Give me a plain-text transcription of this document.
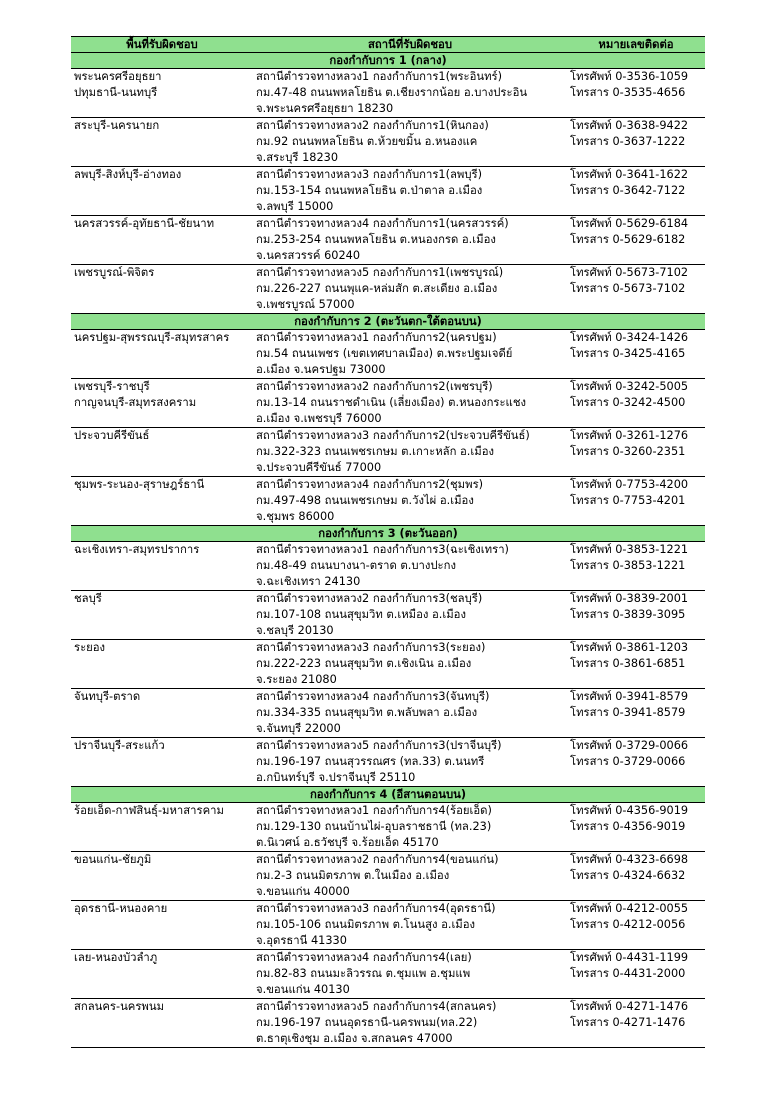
พื้นที่รับผิดชอบ	สถานีที่รับผิดชอบ	หมายเลขติดต่อ
กองกำกับการ 1 (กลาง)		

พระนครศรีอยุธยา
ปทุมธานี-นนทบุรี	สถานีตำรวจทางหลวง1 กองกำกับการ1(พระอินทร์)
กม.47-48 ถนนพหลโยธิน ต.เชียงรากน้อย อ.บางประอิน
จ.พระนครศรีอยุธยา 18230	โทรศัพท์ 0-3536-1059
โทรสาร 0-3535-4656

สระบุรี-นครนายก	สถานีตำรวจทางหลวง2 กองกำกับการ1(หินกอง)
กม.92 ถนนพหลโยธิน ต.ห้วยขมิ้น อ.หนองแค
จ.สระบุรี 18230	โทรศัพท์ 0-3638-9422
โทรสาร 0-3637-1222

ลพบุรี-สิงห์บุรี-อ่างทอง	สถานีตำรวจทางหลวง3 กองกำกับการ1(ลพบุรี)
กม.153-154 ถนนพหลโยธิน ต.ป่าตาล อ.เมือง
จ.ลพบุรี 15000	โทรศัพท์ 0-3641-1622
โทรสาร 0-3642-7122

นครสวรรค์-อุทัยธานี-ชัยนาท	สถานีตำรวจทางหลวง4 กองกำกับการ1(นครสวรรค์)
กม.253-254 ถนนพหลโยธิน ต.หนองกรด อ.เมือง
จ.นครสวรรค์ 60240	โทรศัพท์ 0-5629-6184
โทรสาร 0-5629-6182

เพชรบูรณ์-พิจิตร	สถานีตำรวจทางหลวง5 กองกำกับการ1(เพชรบูรณ์)
กม.226-227 ถนนพุแค-หล่มสัก ต.สะเดียง อ.เมือง
จ.เพชรบูรณ์ 57000	โทรศัพท์ 0-5673-7102
โทรสาร 0-5673-7102

กองกำกับการ 2 (ตะวันตก-ใต้ตอนบน)		

นครปฐม-สุพรรณบุรี-สมุทรสาคร	สถานีตำรวจทางหลวง1 กองกำกับการ2(นครปฐม)
กม.54 ถนนเพชร (เขตเทศบาลเมือง) ต.พระปฐมเจดีย์
อ.เมือง จ.นครปฐม 73000	โทรศัพท์ 0-3424-1426
โทรสาร 0-3425-4165

เพชรบุรี-ราชบุรี
กาญจนบุรี-สมุทรสงคราม	สถานีตำรวจทางหลวง2 กองกำกับการ2(เพชรบุรี)
กม.13-14 ถนนราชดำเนิน (เลี่ยงเมือง) ต.หนองกระแชง
อ.เมือง จ.เพชรบุรี 76000	โทรศัพท์ 0-3242-5005
โทรสาร 0-3242-4500

ประจวบคีรีขันธ์	สถานีตำรวจทางหลวง3 กองกำกับการ2(ประจวบคีรีขันธ์)
กม.322-323 ถนนเพชรเกษม ต.เกาะหลัก อ.เมือง
จ.ประจวบคีรีขันธ์ 77000	โทรศัพท์ 0-3261-1276
โทรสาร 0-3260-2351

ชุมพร-ระนอง-สุราษฎร์ธานี	สถานีตำรวจทางหลวง4 กองกำกับการ2(ชุมพร)
กม.497-498 ถนนเพชรเกษม ต.วังไผ่ อ.เมือง
จ.ชุมพร 86000	โทรศัพท์ 0-7753-4200
โทรสาร 0-7753-4201

กองกำกับการ 3 (ตะวันออก)		

ฉะเชิงเทรา-สมุทรปราการ	สถานีตำรวจทางหลวง1 กองกำกับการ3(ฉะเชิงเทรา)
กม.48-49 ถนนบางนา-ตราด ต.บางปะกง
จ.ฉะเชิงเทรา 24130	โทรศัพท์ 0-3853-1221
โทรสาร 0-3853-1221

ชลบุรี	สถานีตำรวจทางหลวง2 กองกำกับการ3(ชลบุรี)
กม.107-108 ถนนสุขุมวิท ต.เหมือง อ.เมือง
จ.ชลบุรี 20130	โทรศัพท์ 0-3839-2001
โทรสาร 0-3839-3095

ระยอง	สถานีตำรวจทางหลวง3 กองกำกับการ3(ระยอง)
กม.222-223 ถนนสุขุมวิท ต.เชิงเนิน อ.เมือง
จ.ระยอง 21080	โทรศัพท์ 0-3861-1203
โทรสาร 0-3861-6851

จันทบุรี-ตราด	สถานีตำรวจทางหลวง4 กองกำกับการ3(จันทบุรี)
กม.334-335 ถนนสุขุมวิท ต.พลับพลา อ.เมือง
จ.จันทบุรี 22000	โทรศัพท์ 0-3941-8579
โทรสาร 0-3941-8579

ปราจีนบุรี-สระแก้ว	สถานีตำรวจทางหลวง5 กองกำกับการ3(ปราจีนบุรี)
กม.196-197 ถนนสุวรรณศร (ทล.33) ต.นนทรี
อ.กบินทร์บุรี จ.ปราจีนบุรี 25110	โทรศัพท์ 0-3729-0066
โทรสาร 0-3729-0066

กองกำกับการ 4 (อีสานตอนบน)		

ร้อยเอ็ด-กาฬสินธุ์-มหาสารคาม	สถานีตำรวจทางหลวง1 กองกำกับการ4(ร้อยเอ็ด)
กม.129-130 ถนนบ้านไผ่-อุบลราชธานี (ทล.23)
ต.นิเวศน์ อ.ธวัชบุรี จ.ร้อยเอ็ด 45170	โทรศัพท์ 0-4356-9019
โทรสาร 0-4356-9019

ขอนแก่น-ชัยภูมิ	สถานีตำรวจทางหลวง2 กองกำกับการ4(ขอนแก่น)
กม.2-3 ถนนมิตรภาพ ต.ในเมือง อ.เมือง
จ.ขอนแก่น 40000	โทรศัพท์ 0-4323-6698
โทรสาร 0-4324-6632

อุดรธานี-หนองคาย	สถานีตำรวจทางหลวง3 กองกำกับการ4(อุดรธานี)
กม.105-106 ถนนมิตรภาพ ต.โนนสูง อ.เมือง
จ.อุดรธานี 41330	โทรศัพท์ 0-4212-0055
โทรสาร 0-4212-0056

เลย-หนองบัวลำภู	สถานีตำรวจทางหลวง4 กองกำกับการ4(เลย)
กม.82-83 ถนนมะลิวรรณ ต.ชุมแพ อ.ชุมแพ
จ.ขอนแก่น 40130	โทรศัพท์ 0-4431-1199
โทรสาร 0-4431-2000

สกลนคร-นครพนม	สถานีตำรวจทางหลวง5 กองกำกับการ4(สกลนคร)
กม.196-197 ถนนอุดรธานี-นครพนม(ทล.22)
ต.ธาตุเชิงชุม อ.เมือง จ.สกลนคร 47000	โทรศัพท์ 0-4271-1476
โทรสาร 0-4271-1476
